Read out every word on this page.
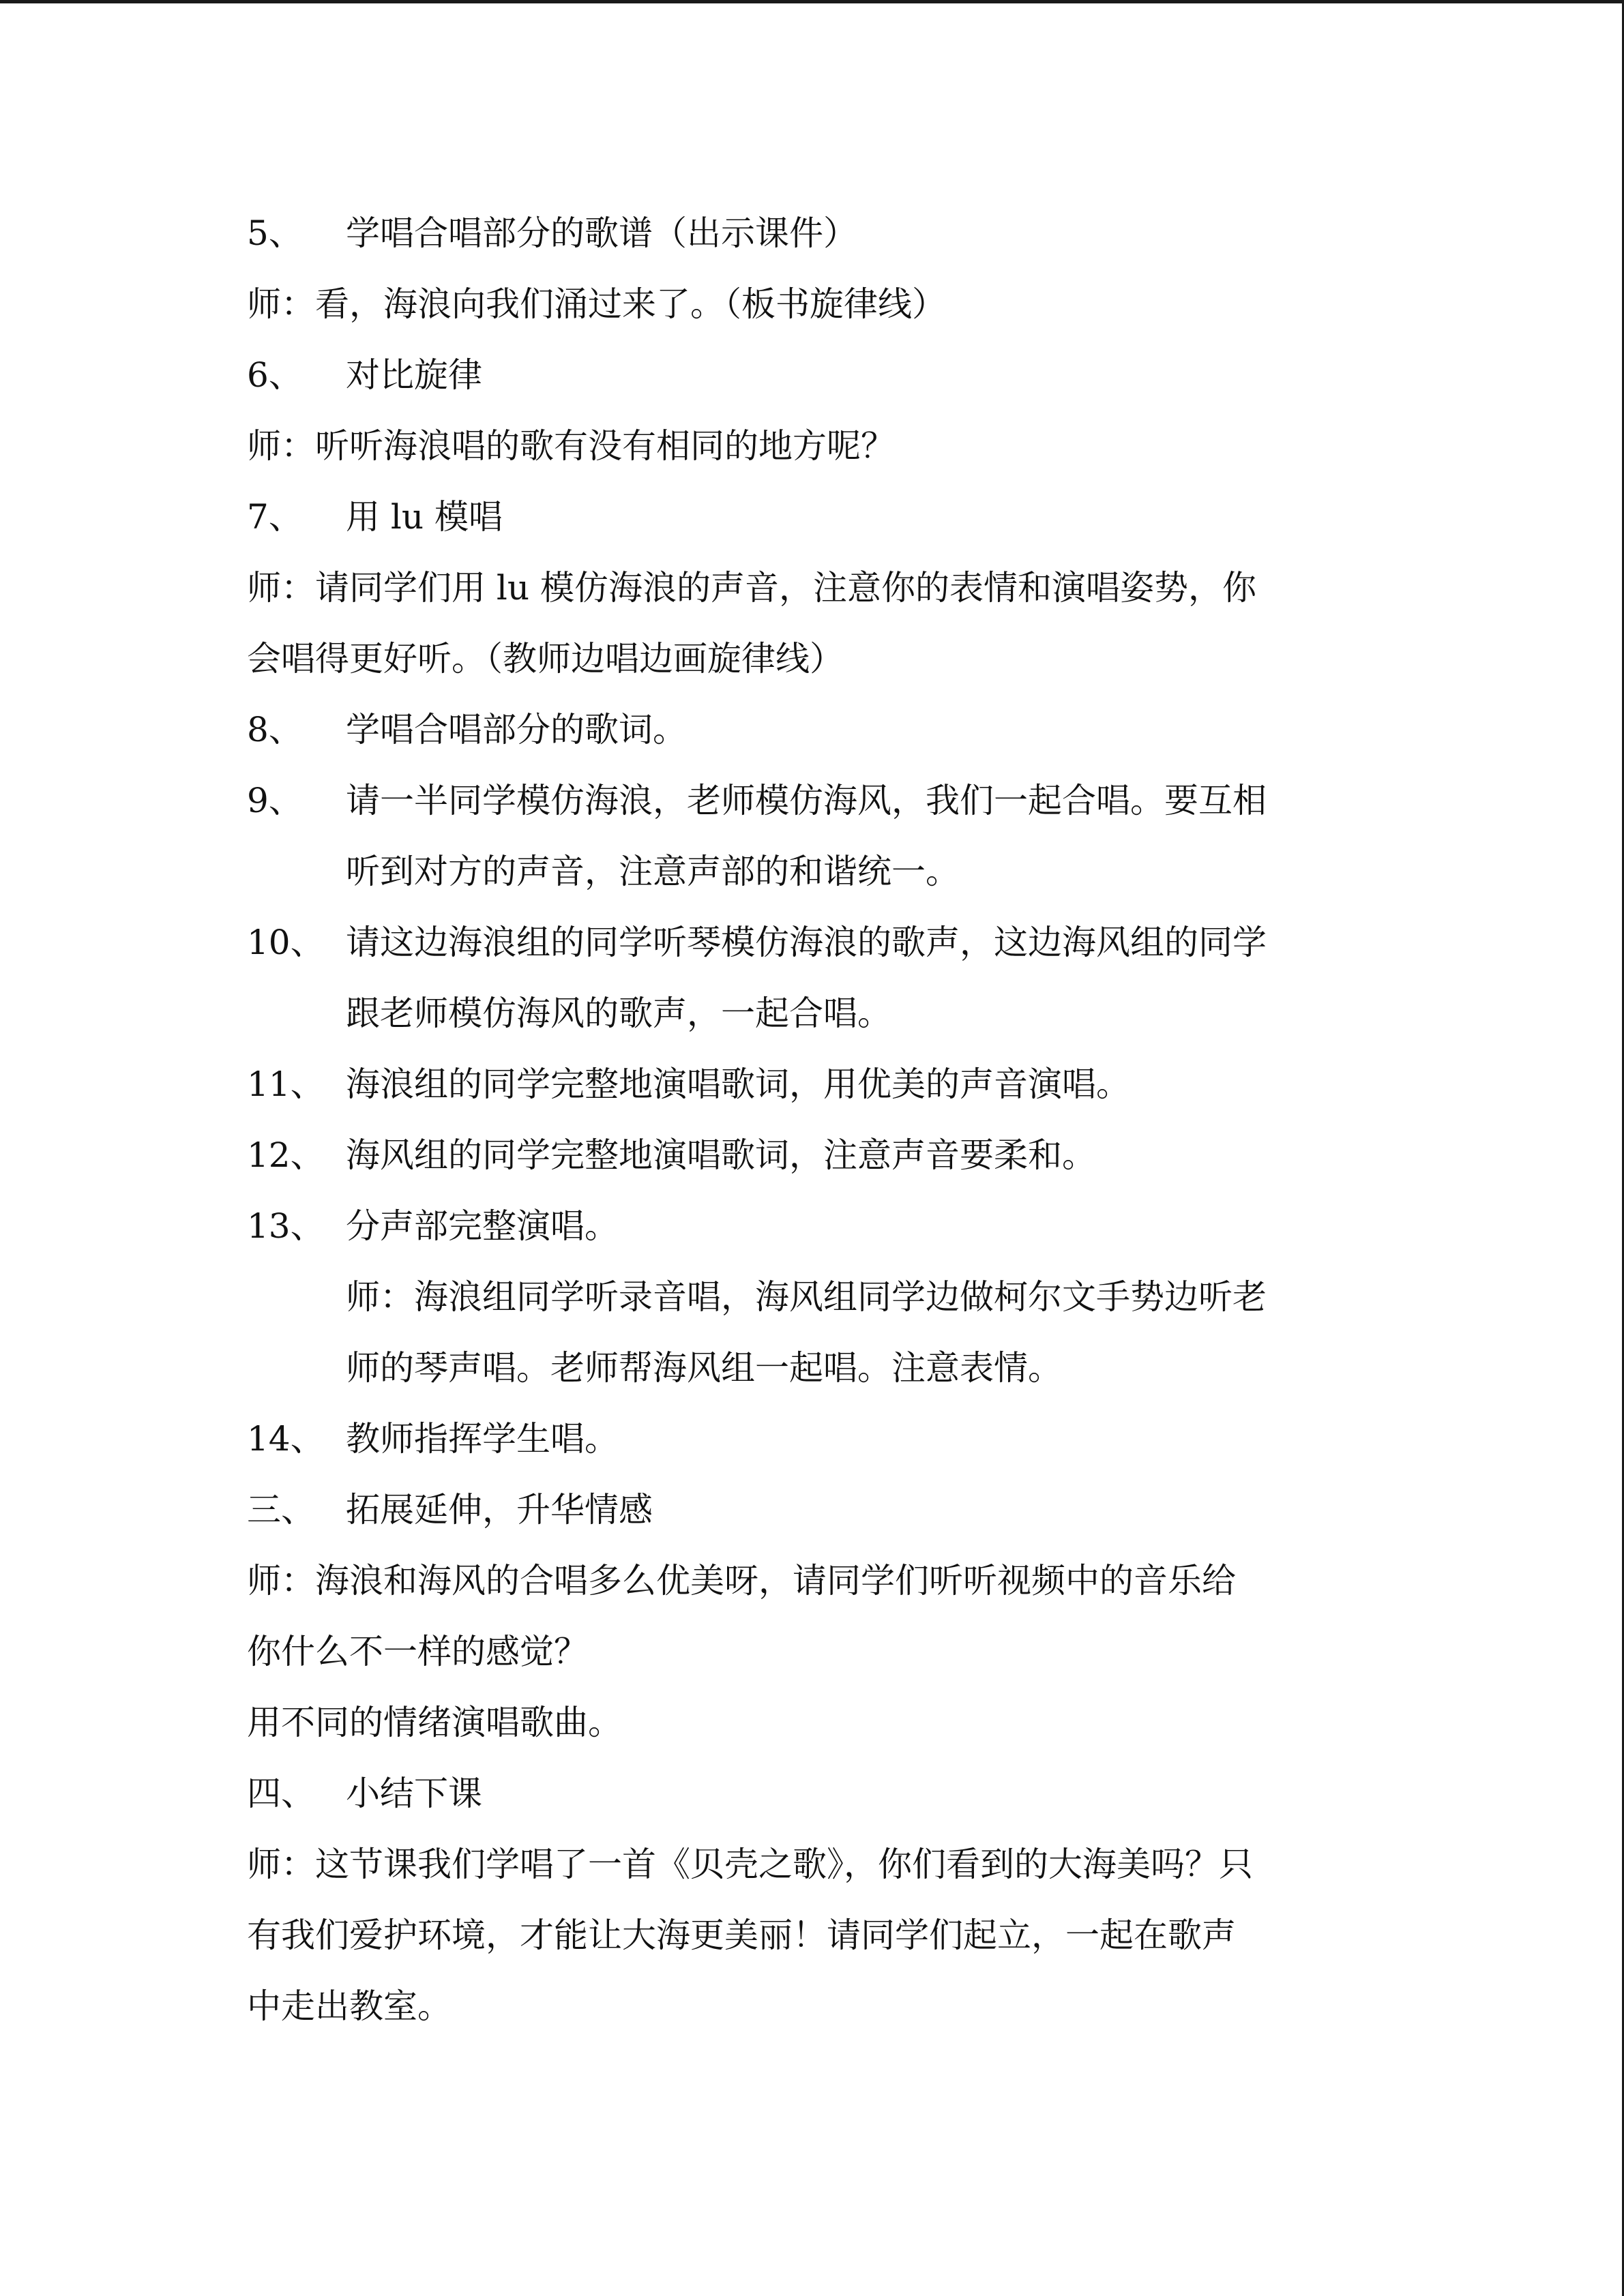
5、	学唱合唱部分的歌谱（出示课件）
师：看，海浪向我们涌过来了。（板书旋律线）
6、	对比旋律
师：听听海浪唱的歌有没有相同的地方呢？
7、	用 lu 模唱
师：请同学们用 lu 模仿海浪的声音，注意你的表情和演唱姿势，你
会唱得更好听。（教师边唱边画旋律线）
8、	学唱合唱部分的歌词。
9、	请一半同学模仿海浪，老师模仿海风，我们一起合唱。要互相
听到对方的声音，注意声部的和谐统一。
10、 请这边海浪组的同学听琴模仿海浪的歌声，这边海风组的同学
跟老师模仿海风的歌声，一起合唱。
11、 海浪组的同学完整地演唱歌词，用优美的声音演唱。
12、 海风组的同学完整地演唱歌词，注意声音要柔和。
13、 分声部完整演唱。
师：海浪组同学听录音唱，海风组同学边做柯尔文手势边听老
师的琴声唱。老师帮海风组一起唱。注意表情。
14、 教师指挥学生唱。
三、 拓展延伸，升华情感
师：海浪和海风的合唱多么优美呀，请同学们听听视频中的音乐给
你什么不一样的感觉？
用不同的情绪演唱歌曲。
四、 小结下课
师：这节课我们学唱了一首《贝壳之歌》，你们看到的大海美吗？只
有我们爱护环境，才能让大海更美丽！请同学们起立，一起在歌声
中走出教室。
